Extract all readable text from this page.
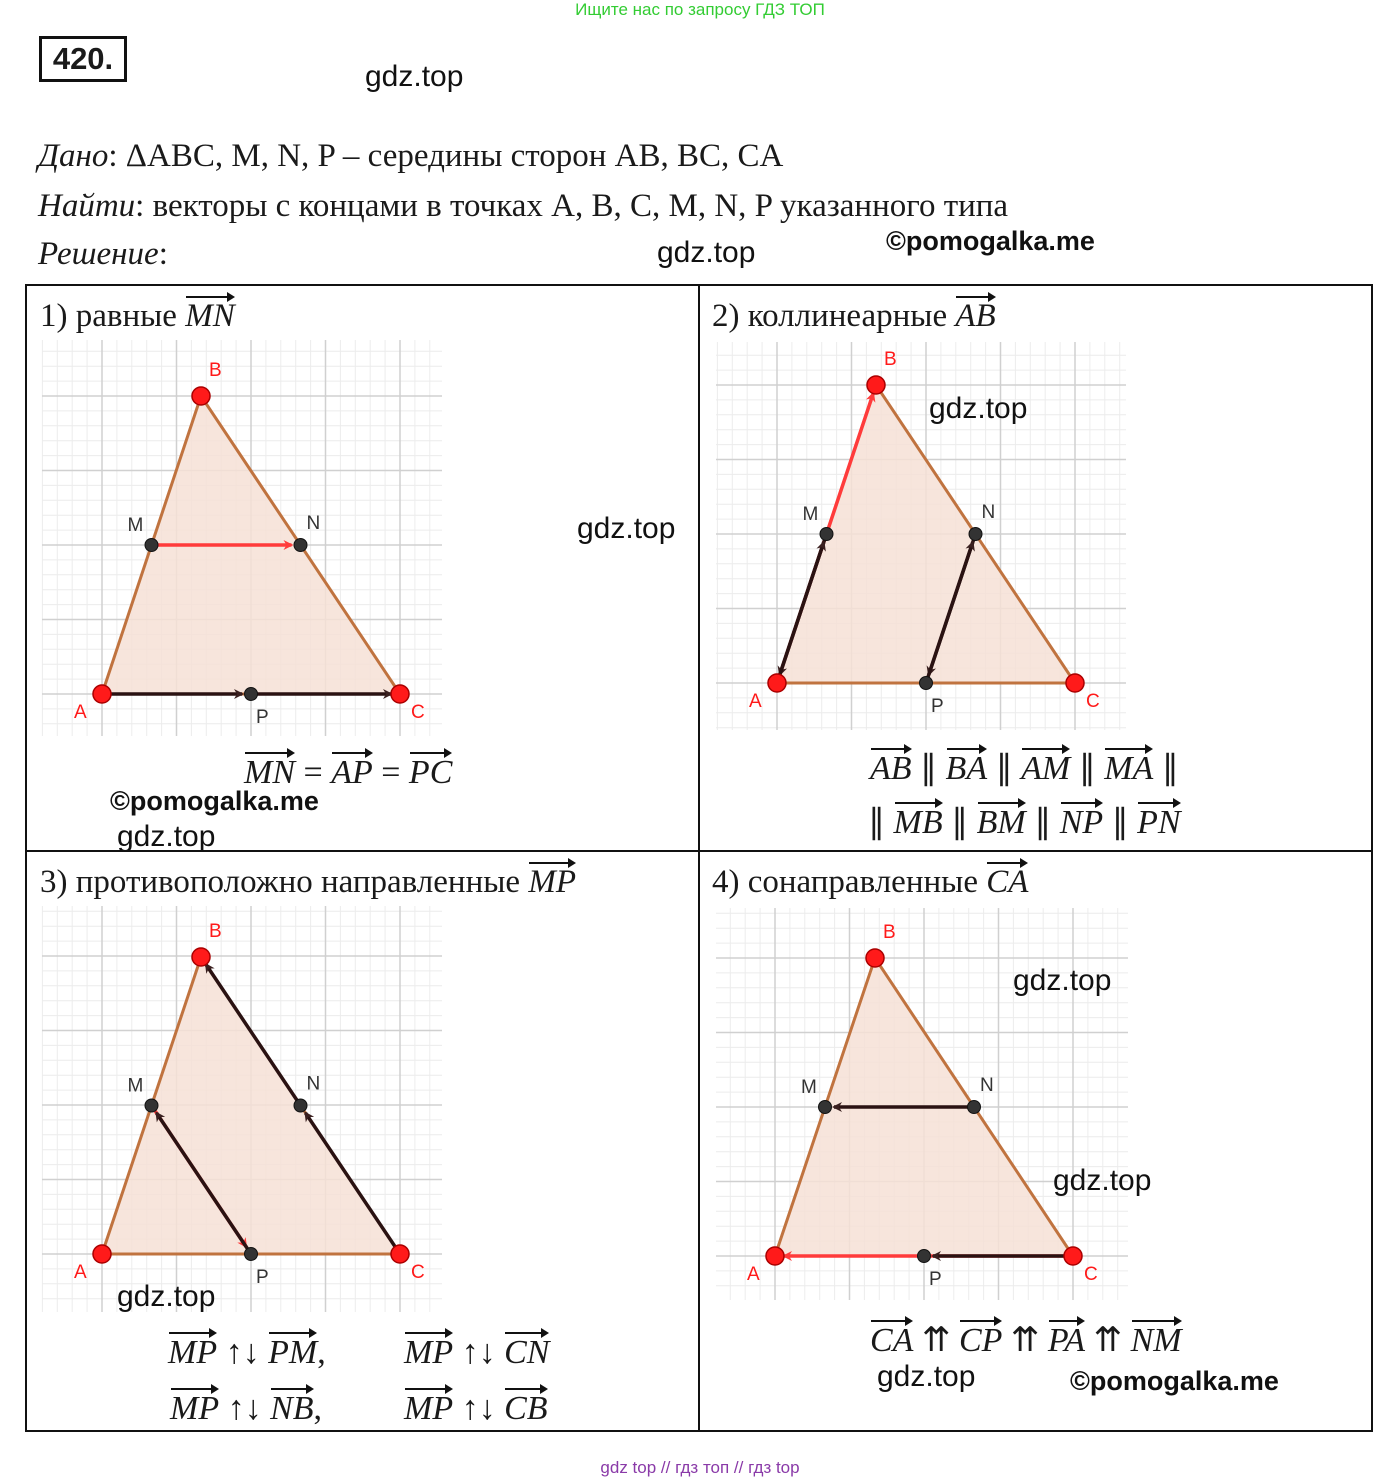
Ищите нас по запросу ГДЗ ТОП
420.
gdz.top
Дано: ΔABC, M, N, P – середины сторон AB, BC, CA
Найти: векторы с концами в точках A, B, C, M, N, P указанного типа
Решение:	gdz.top	©pomogalka.me
1) равные MN	2) коллинеарные AB
3) противоположно направленные MP	4) сонаправленные CA
A
B
C
M	N
P
A
B
C
M	N
P
A
B
C
M	N
P	A
B
C
M	N
P
MN = AP = PC
©pomogalka.me
gdz.top
gdz.top
gdz.top
AB ∥ BA ∥ AM ∥ MA ∥
∥ MB ∥ BM ∥ NP ∥ PN
gdz.top
MP ↑↓ PM, MP ↑↓ CN
MP ↑↓ NB, MP ↑↓ CB
gdz.top
gdz.top
CA ⇈ CP ⇈ PA ⇈ NM
gdz.top	©pomogalka.me
gdz top // гдз топ // гдз top
